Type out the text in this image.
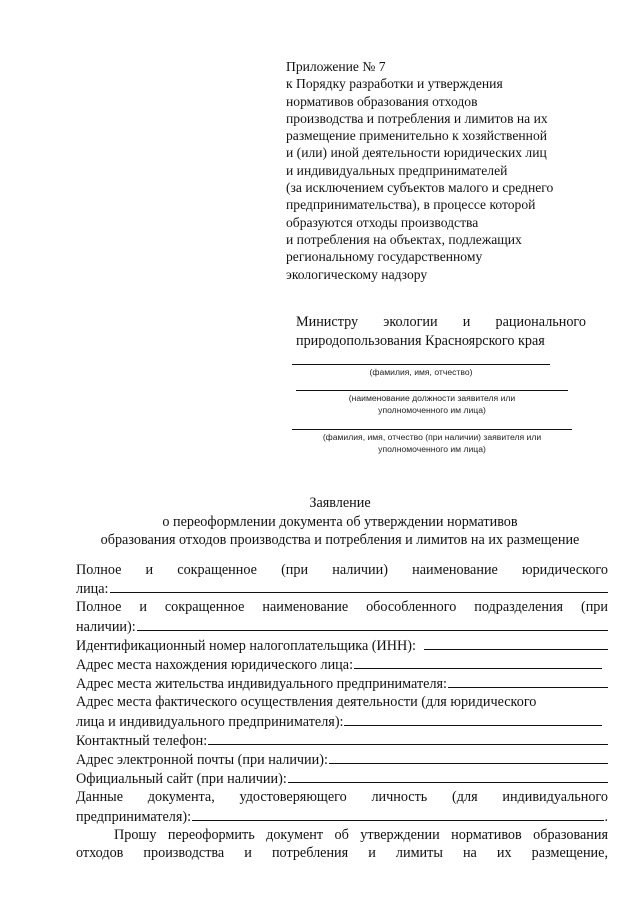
Приложение № 7
к Порядку разработки и утверждения
нормативов образования отходов
производства и потребления и лимитов на их
размещение применительно к хозяйственной
и (или) иной деятельности юридических лиц
и индивидуальных предпринимателей
(за исключением субъектов малого и среднего
предпринимательства), в процессе которой
образуются отходы производства
и потребления на объектах, подлежащих
региональному государственному
экологическому надзору
Министру экологии и рационального
природопользования Красноярского края
(фамилия, имя, отчество)
(наименование должности заявителя или
уполномоченного им лица)
(фамилия, имя, отчество (при наличии) заявителя или
уполномоченного им лица)
Заявление
о переоформлении документа об утверждении нормативов
образования отходов производства и потребления и лимитов на их размещение
Полное и сокращенное (при наличии) наименование юридического
лица:
Полное и сокращенное наименование обособленного подразделения (при
наличии):
Идентификационный номер налогоплательщика (ИНН):
Адрес места нахождения юридического лица:
Адрес места жительства индивидуального предпринимателя:
Адрес места фактического осуществления деятельности (для юридического
лица и индивидуального предпринимателя):
Контактный телефон:
Адрес электронной почты (при наличии):
Официальный сайт (при наличии):
Данные документа, удостоверяющего личность (для индивидуального
предпринимателя):	.
Прошу переоформить документ об утверждении нормативов образования
отходов производства и потребления и лимиты на их размещение,
